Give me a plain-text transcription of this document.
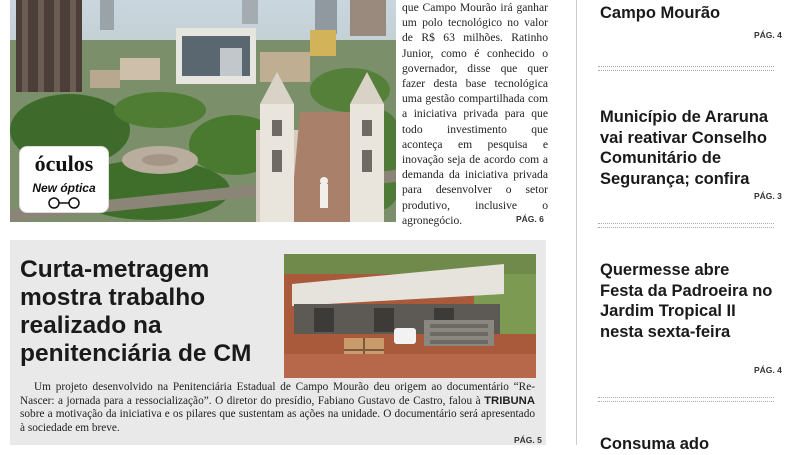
óculos
New óptica

que Campo Mourão irá ganhar um polo tecnológico no valor de R$ 63 milhões. Ratinho Junior, como é conhecido o governador, disse que quer fazer desta base tecnológica uma gestão compartilhada com a iniciativa privada para que todo investimento que aconteça em pesquisa e inovação seja de acordo com a demanda da iniciativa privada para desenvolver o setor produtivo, inclusive o agronegócio.	PÁG. 6
Curta-metragem mostra trabalho realizado na penitenciária de CM
Um projeto desenvolvido na Penitenciária Estadual de Campo Mourão deu origem ao documentário “Re-Nascer: a jornada para a ressocialização”. O diretor do presídio, Fabiano Gustavo de Castro, falou à TRIBUNA sobre a motivação da iniciativa e os pilares que sustentam as ações na unidade. O documentário será apresentado à sociedade em breve.
PÁG. 5
Campo Mourão
PÁG. 4
Município de Araruna vai reativar Conselho Comunitário de Segurança; confira
PÁG. 3
Quermesse abre Festa da Padroeira no Jardim Tropical II nesta sexta-feira
PÁG. 4
Consuma ado
